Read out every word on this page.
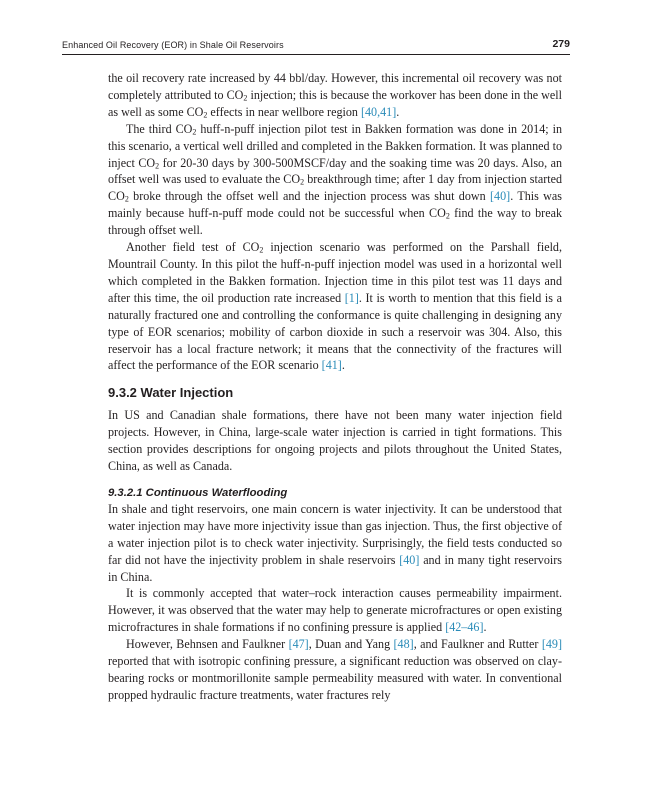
Enhanced Oil Recovery (EOR) in Shale Oil Reservoirs	279

the oil recovery rate increased by 44 bbl/day. However, this incremental oil recovery was not completely attributed to $CO_2$ injection; this is because the workover has been done in the well as well as some $CO_2$ effects in near wellbore region [40,41].

The third $CO_2$ huff-n-puff injection pilot test in Bakken formation was done in 2014; in this scenario, a vertical well drilled and completed in the Bakken formation. It was planned to inject $CO_2$ for 20-30 days by 300-500MSCF/day and the soaking time was 20 days. Also, an offset well was used to evaluate the $CO_2$ breakthrough time; after 1 day from injection started $CO_2$ broke through the offset well and the injection process was shut down [40]. This was mainly because huff-n-puff mode could not be successful when $CO_2$ find the way to break through offset well.

Another field test of $CO_2$ injection scenario was performed on the Parshall field, Mountrail County. In this pilot the huff-n-puff injection model was used in a horizontal well which completed in the Bakken formation. Injection time in this pilot test was 11 days and after this time, the oil production rate increased [1]. It is worth to mention that this field is a naturally fractured one and controlling the conformance is quite challenging in designing any type of EOR scenarios; mobility of carbon dioxide in such a reservoir was 304. Also, this reservoir has a local fracture network; it means that the connectivity of the fractures will affect the performance of the EOR scenario [41].

9.3.2 Water Injection

In US and Canadian shale formations, there have not been many water injection field projects. However, in China, large-scale water injection is carried in tight formations. This section provides descriptions for ongoing projects and pilots throughout the United States, China, as well as Canada.

9.3.2.1 Continuous Waterflooding

In shale and tight reservoirs, one main concern is water injectivity. It can be understood that water injection may have more injectivity issue than gas injection. Thus, the first objective of a water injection pilot is to check water injectivity. Surprisingly, the field tests conducted so far did not have the injectivity problem in shale reservoirs [40] and in many tight reservoirs in China.

It is commonly accepted that water–rock interaction causes permeability impairment. However, it was observed that the water may help to generate microfractures or open existing microfractures in shale formations if no confining pressure is applied [42–46].

However, Behnsen and Faulkner [47], Duan and Yang [48], and Faulkner and Rutter [49] reported that with isotropic confining pressure, a significant reduction was observed on clay-bearing rocks or montmorillonite sample permeability measured with water. In conventional propped hydraulic fracture treatments, water fractures rely
